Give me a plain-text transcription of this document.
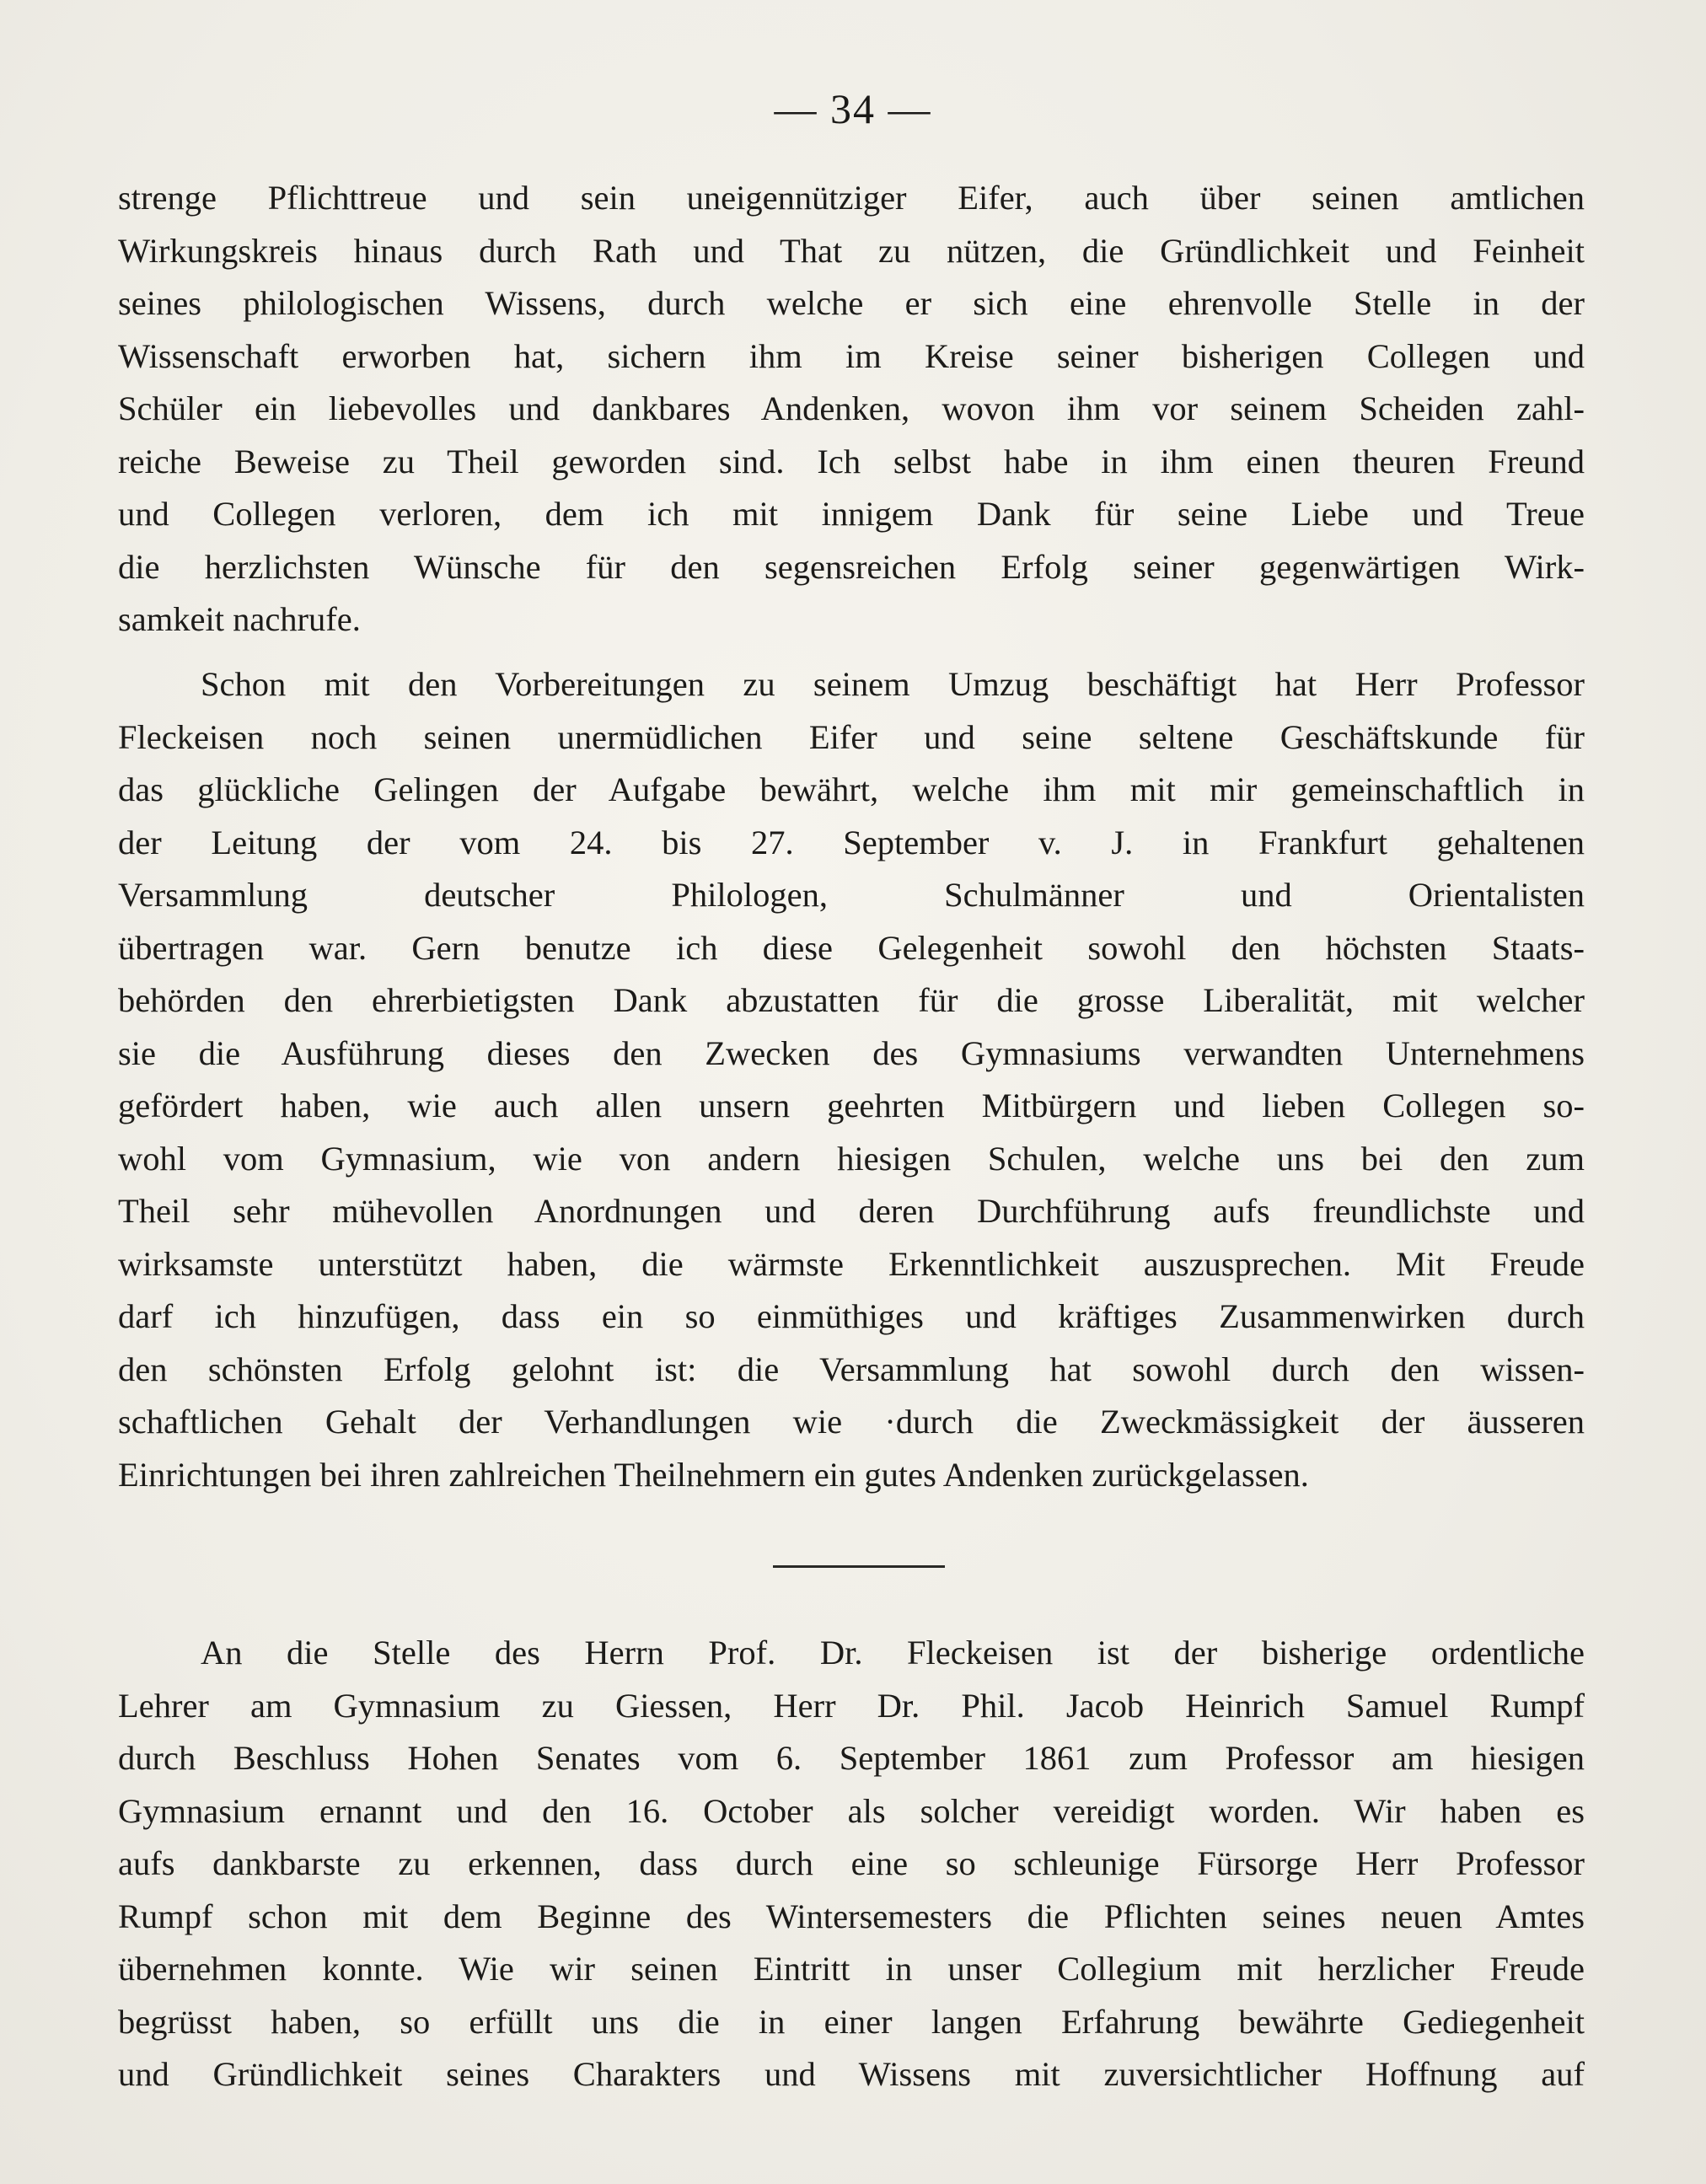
— 34 —
strenge Pflichttreue und sein uneigennütziger Eifer, auch über seinen amtlichen
Wirkungskreis hinaus durch Rath und That zu nützen, die Gründlichkeit und Feinheit
seines philologischen Wissens, durch welche er sich eine ehrenvolle Stelle in der
Wissenschaft erworben hat, sichern ihm im Kreise seiner bisherigen Collegen und
Schüler ein liebevolles und dankbares Andenken, wovon ihm vor seinem Scheiden zahl-
reiche Beweise zu Theil geworden sind. Ich selbst habe in ihm einen theuren Freund
und Collegen verloren, dem ich mit innigem Dank für seine Liebe und Treue
die herzlichsten Wünsche für den segensreichen Erfolg seiner gegenwärtigen Wirk-
samkeit nachrufe.
Schon mit den Vorbereitungen zu seinem Umzug beschäftigt hat Herr Professor
Fleckeisen noch seinen unermüdlichen Eifer und seine seltene Geschäftskunde für
das glückliche Gelingen der Aufgabe bewährt, welche ihm mit mir gemeinschaftlich in
der Leitung der vom 24. bis 27. September v. J. in Frankfurt gehaltenen
Versammlung deutscher Philologen, Schulmänner und Orientalisten
übertragen war. Gern benutze ich diese Gelegenheit sowohl den höchsten Staats-
behörden den ehrerbietigsten Dank abzustatten für die grosse Liberalität, mit welcher
sie die Ausführung dieses den Zwecken des Gymnasiums verwandten Unternehmens
gefördert haben, wie auch allen unsern geehrten Mitbürgern und lieben Collegen so-
wohl vom Gymnasium, wie von andern hiesigen Schulen, welche uns bei den zum
Theil sehr mühevollen Anordnungen und deren Durchführung aufs freundlichste und
wirksamste unterstützt haben, die wärmste Erkenntlichkeit auszusprechen. Mit Freude
darf ich hinzufügen, dass ein so einmüthiges und kräftiges Zusammenwirken durch
den schönsten Erfolg gelohnt ist: die Versammlung hat sowohl durch den wissen-
schaftlichen Gehalt der Verhandlungen wie ·durch die Zweckmässigkeit der äusseren
Einrichtungen bei ihren zahlreichen Theilnehmern ein gutes Andenken zurückgelassen.
An die Stelle des Herrn Prof. Dr. Fleckeisen ist der bisherige ordentliche
Lehrer am Gymnasium zu Giessen, Herr Dr. Phil. Jacob Heinrich Samuel Rumpf
durch Beschluss Hohen Senates vom 6. September 1861 zum Professor am hiesigen
Gymnasium ernannt und den 16. October als solcher vereidigt worden. Wir haben es
aufs dankbarste zu erkennen, dass durch eine so schleunige Fürsorge Herr Professor
Rumpf schon mit dem Beginne des Wintersemesters die Pflichten seines neuen Amtes
übernehmen konnte. Wie wir seinen Eintritt in unser Collegium mit herzlicher Freude
begrüsst haben, so erfüllt uns die in einer langen Erfahrung bewährte Gediegenheit
und Gründlichkeit seines Charakters und Wissens mit zuversichtlicher Hoffnung auf
